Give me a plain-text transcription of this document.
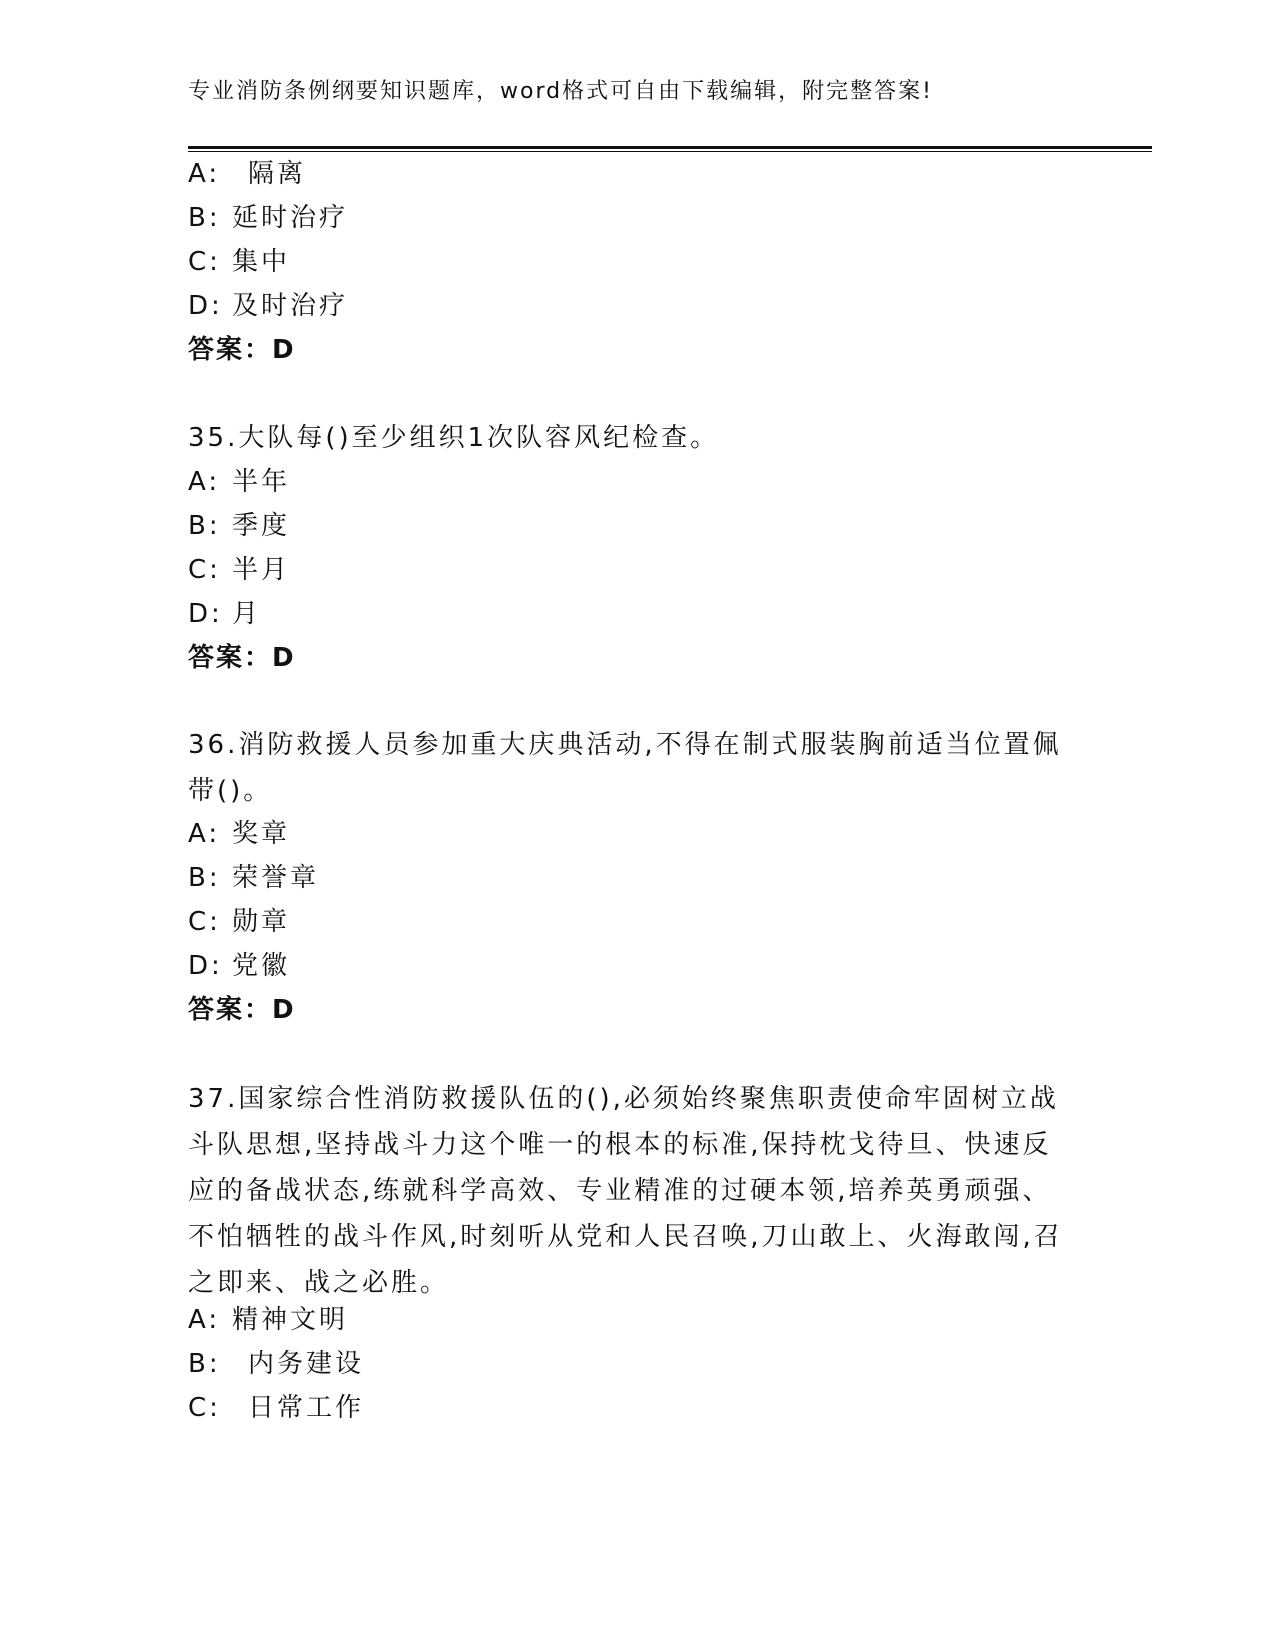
专业消防条例纲要知识题库，word格式可自由下载编辑，附完整答案!
A: 隔离
B: 延时治疗
C: 集中
D: 及时治疗
答案：D
35.大队每()至少组织1次队容风纪检查。
A: 半年
B: 季度
C: 半月
D: 月
答案：D
36.消防救援人员参加重大庆典活动,不得在制式服装胸前适当位置佩带()。
A: 奖章
B: 荣誉章
C: 勋章
D: 党徽
答案：D
37.国家综合性消防救援队伍的(),必须始终聚焦职责使命牢固树立战斗队思想,坚持战斗力这个唯一的根本的标准,保持枕戈待旦、快速反应的备战状态,练就科学高效、专业精准的过硬本领,培养英勇顽强、不怕牺牲的战斗作风,时刻听从党和人民召唤,刀山敢上、火海敢闯,召之即来、战之必胜。
A: 精神文明
B: 内务建设
C: 日常工作
